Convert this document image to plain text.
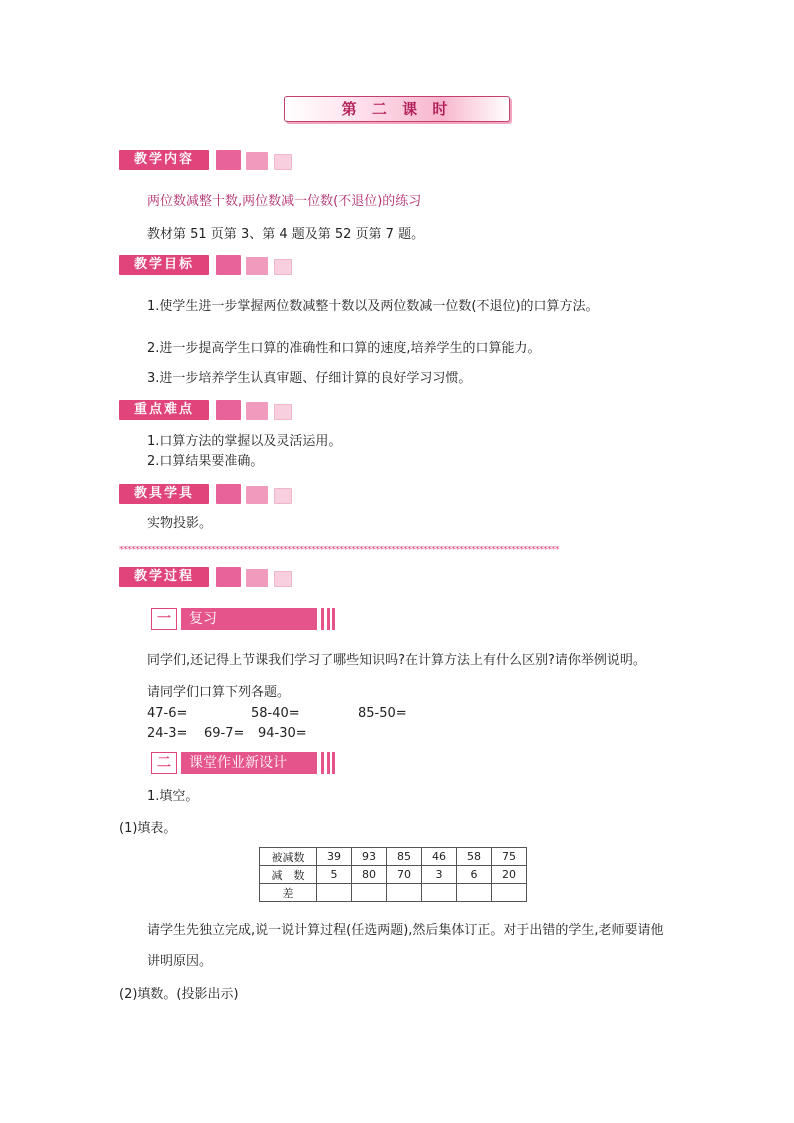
第 二 课 时
教学内容
两位数减整十数,两位数减一位数(不退位)的练习
教材第 51 页第 3、第 4 题及第 52 页第 7 题。
教学目标
1.使学生进一步掌握两位数减整十数以及两位数减一位数(不退位)的口算方法。
2.进一步提高学生口算的准确性和口算的速度,培养学生的口算能力。
3.进一步培养学生认真审题、仔细计算的良好学习习惯。
重点难点
1.口算方法的掌握以及灵活运用。
2.口算结果要准确。
教具学具
实物投影。
**************************************************************************************************************
教学过程
一	复习
同学们,还记得上节课我们学习了哪些知识吗?在计算方法上有什么区别?请你举例说明。
请同学们口算下列各题。
47-6=	58-40=	85-50=
24-3= 69-7= 94-30=
二	课堂作业新设计
1.填空。
(1)填表。
被减数	39	93	85	46	58	75
减　数	5	80	70	3	6	20
差						
请学生先独立完成,说一说计算过程(任选两题),然后集体订正。对于出错的学生,老师要请他
讲明原因。
(2)填数。(投影出示)
